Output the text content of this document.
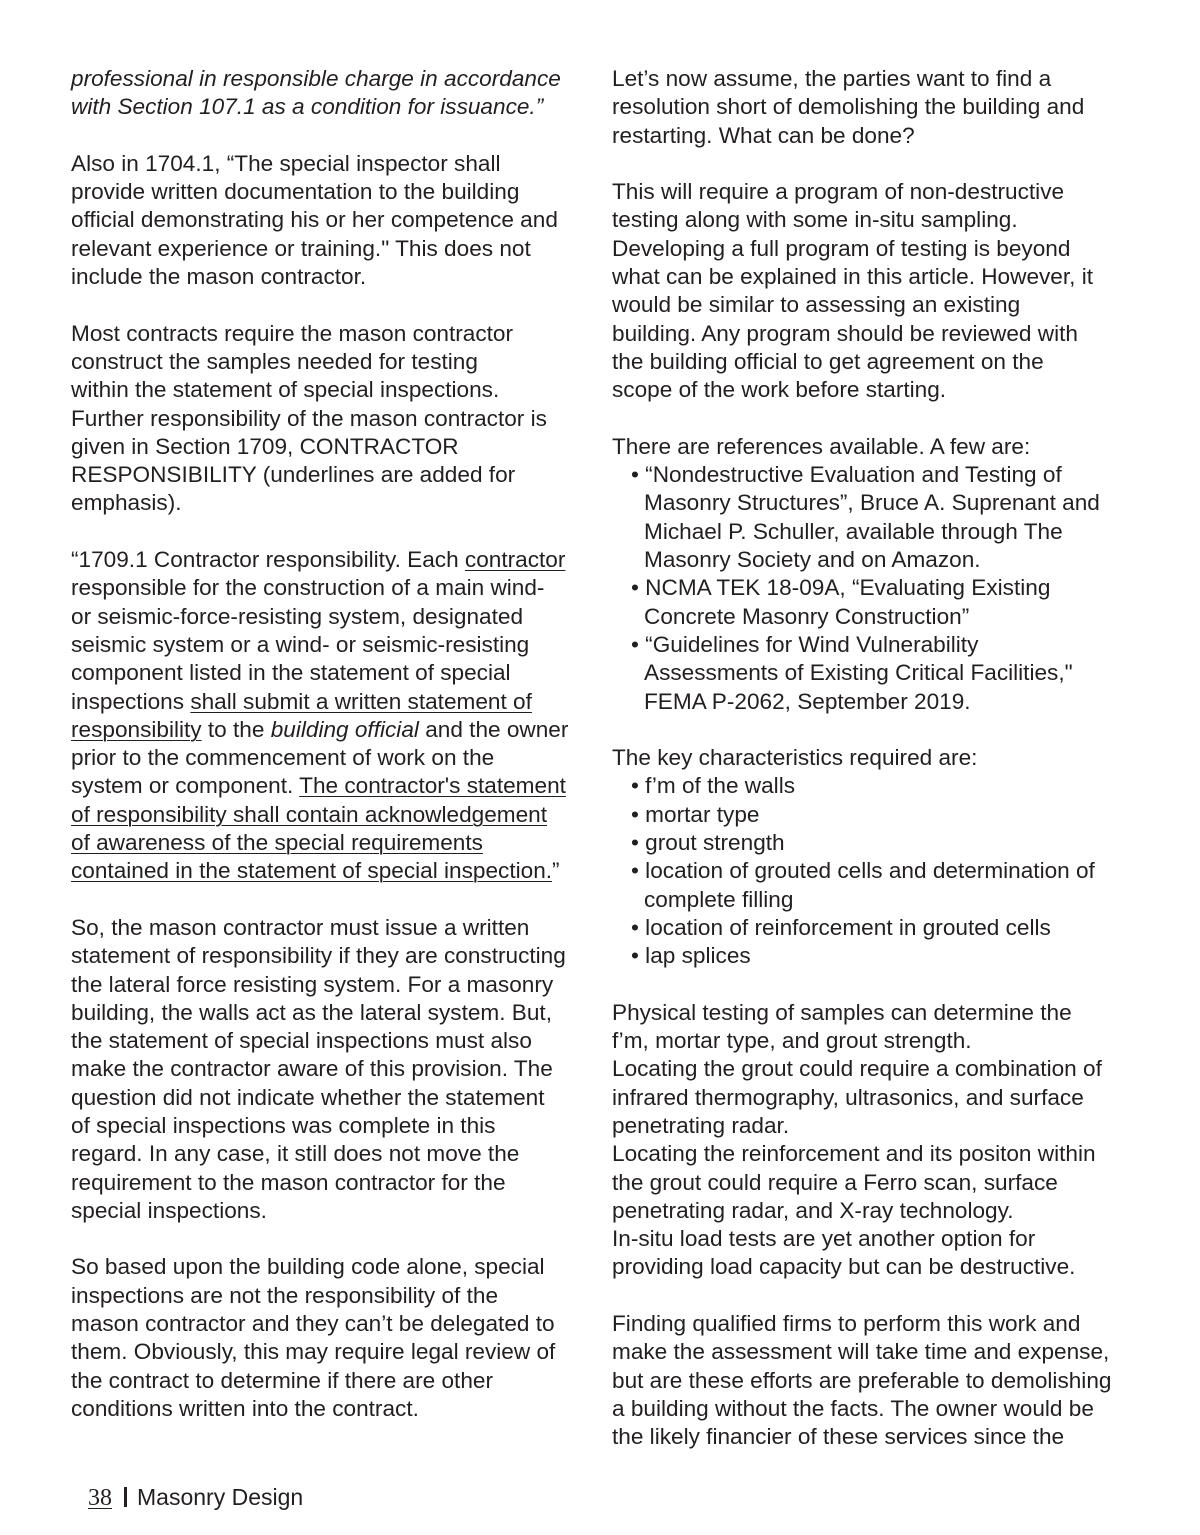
professional in responsible charge in accordance
with Section 107.1 as a condition for issuance.”
Also in 1704.1, “The special inspector shall
provide written documentation to the building
official demonstrating his or her competence and
relevant experience or training." This does not
include the mason contractor.
Most contracts require the mason contractor
construct the samples needed for testing
within the statement of special inspections.
Further responsibility of the mason contractor is
given in Section 1709, CONTRACTOR
RESPONSIBILITY (underlines are added for
emphasis).
“1709.1 Contractor responsibility. Each contractor
responsible for the construction of a main wind-
or seismic-force-resisting system, designated
seismic system or a wind- or seismic-resisting
component listed in the statement of special
inspections shall submit a written statement of
responsibility to the building official and the owner
prior to the commencement of work on the
system or component. The contractor's statement
of responsibility shall contain acknowledgement
of awareness of the special requirements
contained in the statement of special inspection.”
So, the mason contractor must issue a written
statement of responsibility if they are constructing
the lateral force resisting system. For a masonry
building, the walls act as the lateral system. But,
the statement of special inspections must also
make the contractor aware of this provision. The
question did not indicate whether the statement
of special inspections was complete in this
regard. In any case, it still does not move the
requirement to the mason contractor for the
special inspections.
So based upon the building code alone, special
inspections are not the responsibility of the
mason contractor and they can’t be delegated to
them. Obviously, this may require legal review of
the contract to determine if there are other
conditions written into the contract.
Let’s now assume, the parties want to find a
resolution short of demolishing the building and
restarting. What can be done?
This will require a program of non-destructive
testing along with some in-situ sampling.
Developing a full program of testing is beyond
what can be explained in this article. However, it
would be similar to assessing an existing
building. Any program should be reviewed with
the building official to get agreement on the
scope of the work before starting.
There are references available. A few are:
• “Nondestructive Evaluation and Testing of
Masonry Structures”, Bruce A. Suprenant and
Michael P. Schuller, available through The
Masonry Society and on Amazon.
• NCMA TEK 18-09A, “Evaluating Existing
Concrete Masonry Construction”
• “Guidelines for Wind Vulnerability
Assessments of Existing Critical Facilities,"
FEMA P-2062, September 2019.
The key characteristics required are:
• f’m of the walls
• mortar type
• grout strength
• location of grouted cells and determination of
complete filling
• location of reinforcement in grouted cells
• lap splices
Physical testing of samples can determine the
f’m, mortar type, and grout strength.
Locating the grout could require a combination of
infrared thermography, ultrasonics, and surface
penetrating radar.
Locating the reinforcement and its positon within
the grout could require a Ferro scan, surface
penetrating radar, and X-ray technology.
In-situ load tests are yet another option for
providing load capacity but can be destructive.
Finding qualified firms to perform this work and
make the assessment will take time and expense,
but are these efforts are preferable to demolishing
a building without the facts. The owner would be
the likely financier of these services since the
38 Masonry Design
